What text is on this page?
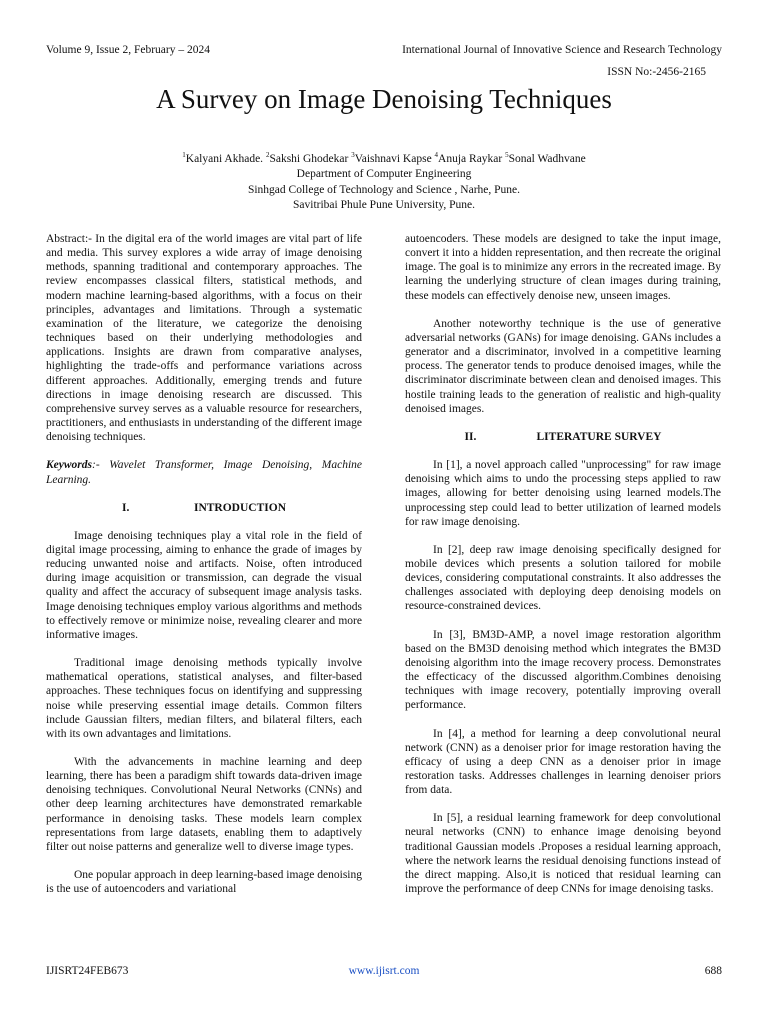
Volume 9, Issue 2, February – 2024	International Journal of Innovative Science and Research Technology
ISSN No:-2456-2165
A Survey on Image Denoising Techniques
$^1$Kalyani Akhade. $^2$Sakshi Ghodekar $^3$Vaishnavi Kapse $^4$Anuja Raykar $^5$Sonal Wadhvane
Department of Computer Engineering
Sinhgad College of Technology and Science , Narhe, Pune.
Savitribai Phule Pune University, Pune.

Abstract:- In the digital era of the world images are vital part of life and media. This survey explores a wide array of image denoising methods, spanning traditional and contemporary approaches. The review encompasses classical filters, statistical methods, and modern machine learning-based algorithms, with a focus on their principles, advantages and limitations. Through a systematic examination of the literature, we categorize the denoising techniques based on their underlying methodologies and applications. Insights are drawn from comparative analyses, highlighting the trade-offs and performance variations across different approaches. Additionally, emerging trends and future directions in image denoising research are discussed. This comprehensive survey serves as a valuable resource for researchers, practitioners, and enthusiasts in understanding of the different image denoising techniques.

Keywords:- Wavelet Transformer, Image Denoising, Machine Learning.

I.	INTRODUCTION

Image denoising techniques play a vital role in the field of digital image processing, aiming to enhance the grade of images by reducing unwanted noise and artifacts. Noise, often introduced during image acquisition or transmission, can degrade the visual quality and affect the accuracy of subsequent image analysis tasks. Image denoising techniques employ various algorithms and methods to effectively remove or minimize noise, revealing clearer and more informative images.

Traditional image denoising methods typically involve mathematical operations, statistical analyses, and filter-based approaches. These techniques focus on identifying and suppressing noise while preserving essential image details. Common filters include Gaussian filters, median filters, and bilateral filters, each with its own advantages and limitations.

With the advancements in machine learning and deep learning, there has been a paradigm shift towards data-driven image denoising techniques. Convolutional Neural Networks (CNNs) and other deep learning architectures have demonstrated remarkable performance in denoising tasks. These models learn complex representations from large datasets, enabling them to adaptively filter out noise patterns and generalize well to diverse image types.

One popular approach in deep learning-based image denoising is the use of autoencoders and variational

autoencoders. These models are designed to take the input image, convert it into a hidden representation, and then recreate the original image. The goal is to minimize any errors in the recreated image. By learning the underlying structure of clean images during training, these models can effectively denoise new, unseen images.

Another noteworthy technique is the use of generative adversarial networks (GANs) for image denoising. GANs includes a generator and a discriminator, involved in a competitive learning process. The generator tends to produce denoised images, while the discriminator discriminate between clean and denoised images. This hostile training leads to the generation of realistic and high-quality denoised images.

II.	LITERATURE SURVEY

In [1], a novel approach called "unprocessing" for raw image denoising which aims to undo the processing steps applied to raw images, allowing for better denoising using learned models.The unprocessing step could lead to better utilization of learned models for raw image denoising.

In [2], deep raw image denoising specifically designed for mobile devices which presents a solution tailored for mobile devices, considering computational constraints. It also addresses the challenges associated with deploying deep denoising models on resource-constrained devices.

In [3], BM3D-AMP, a novel image restoration algorithm based on the BM3D denoising method which integrates the BM3D denoising algorithm into the image recovery process. Demonstrates the effecticacy of the discussed algorithm.Combines denoising techniques with image recovery, potentially improving overall performance.

In [4], a method for learning a deep convolutional neural network (CNN) as a denoiser prior for image restoration having the efficacy of using a deep CNN as a denoiser prior in image restoration tasks. Addresses challenges in learning denoiser priors from data.

In [5], a residual learning framework for deep convolutional neural networks (CNN) to enhance image denoising beyond traditional Gaussian models .Proposes a residual learning approach, where the network learns the residual denoising functions instead of the direct mapping. Also,it is noticed that residual learning can improve the performance of deep CNNs for image denoising tasks.

IJISRT24FEB673	www.ijisrt.com	688
